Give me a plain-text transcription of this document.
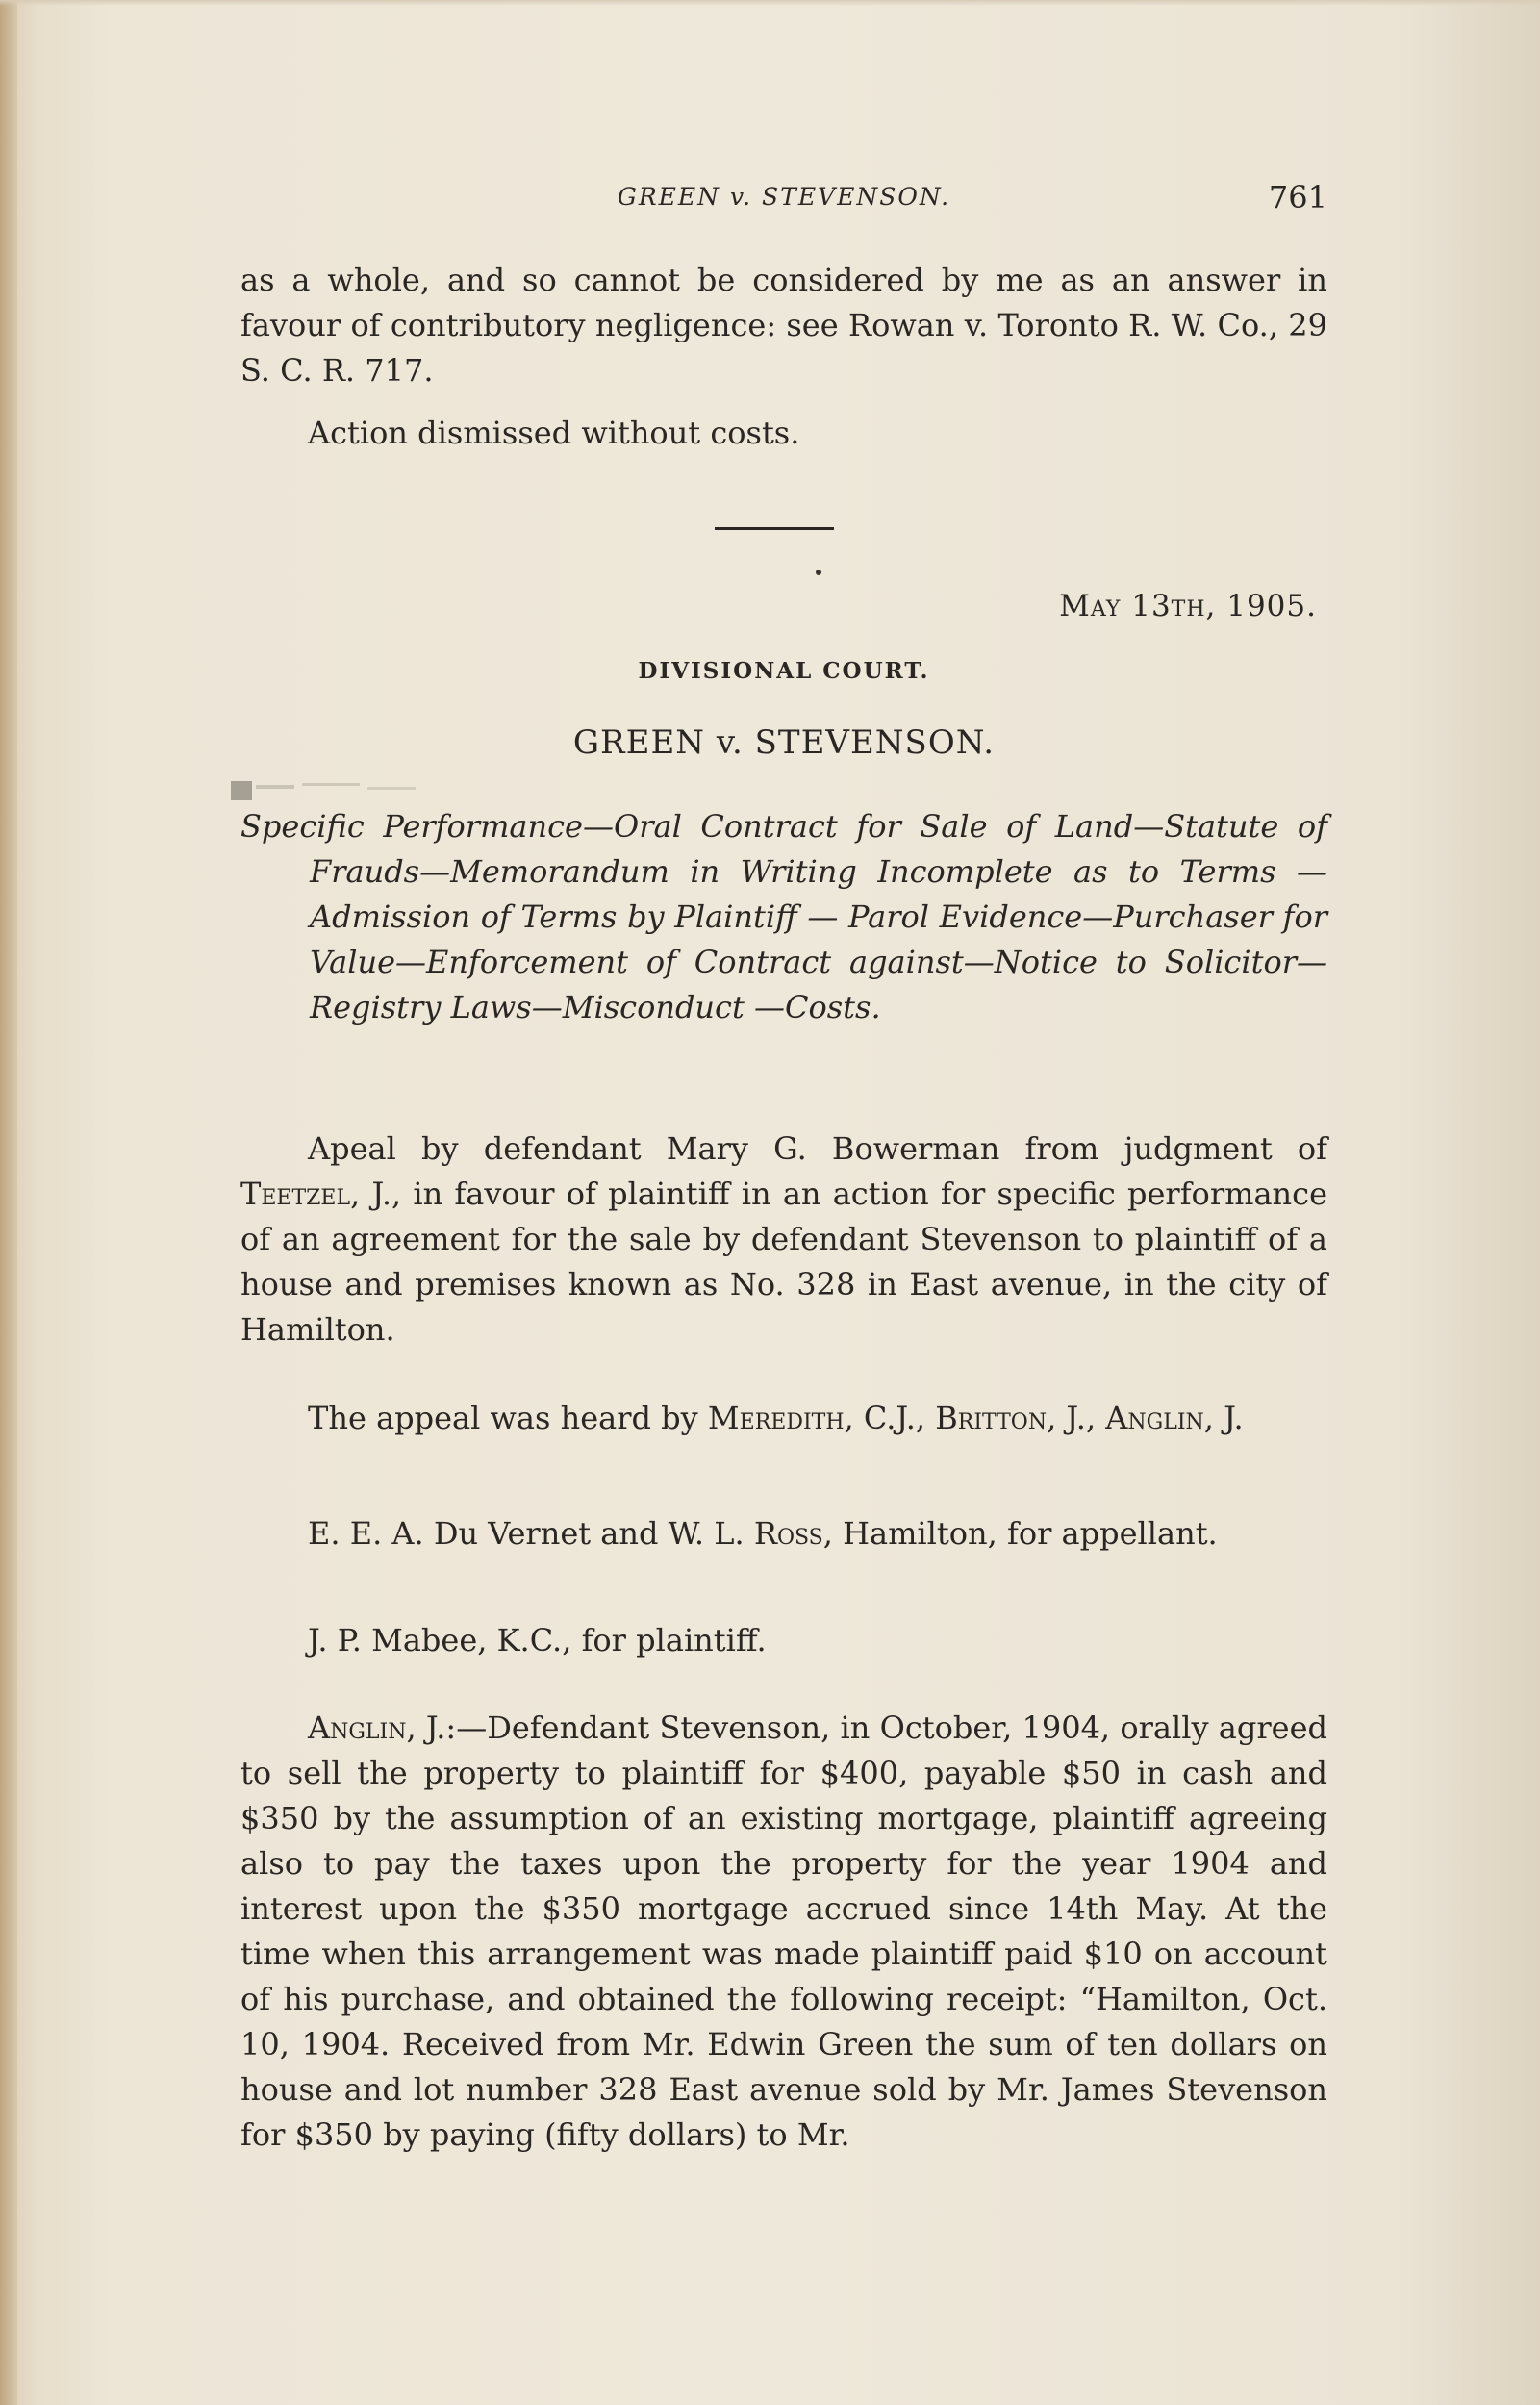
GREEN v. STEVENSON.	761
as a whole, and so cannot be considered by me as an answer in favour of contributory negligence: see Rowan v. Toronto R. W. Co., 29 S. C. R. 717.
Action dismissed without costs.
May 13th, 1905.
DIVISIONAL COURT.
GREEN v. STEVENSON.
Specific Performance—Oral Contract for Sale of Land—Statute of Frauds—Memorandum in Writing Incomplete as to Terms — Admission of Terms by Plaintiff — Parol Evidence—Purchaser for Value—Enforcement of Contract against—Notice to Solicitor—Registry Laws—Misconduct —Costs.
Apeal by defendant Mary G. Bowerman from judgment of Teetzel, J., in favour of plaintiff in an action for specific performance of an agreement for the sale by defendant Stevenson to plaintiff of a house and premises known as No. 328 in East avenue, in the city of Hamilton.
The appeal was heard by Meredith, C.J., Britton, J., Anglin, J.
E. E. A. Du Vernet and W. L. Ross, Hamilton, for appellant.
J. P. Mabee, K.C., for plaintiff.
Anglin, J.:—Defendant Stevenson, in October, 1904, orally agreed to sell the property to plaintiff for $400, payable $50 in cash and $350 by the assumption of an existing mortgage, plaintiff agreeing also to pay the taxes upon the property for the year 1904 and interest upon the $350 mortgage accrued since 14th May. At the time when this arrangement was made plaintiff paid $10 on account of his purchase, and obtained the following receipt: “Hamilton, Oct. 10, 1904. Received from Mr. Edwin Green the sum of ten dollars on house and lot number 328 East avenue sold by Mr. James Stevenson for $350 by paying (fifty dollars) to Mr.
